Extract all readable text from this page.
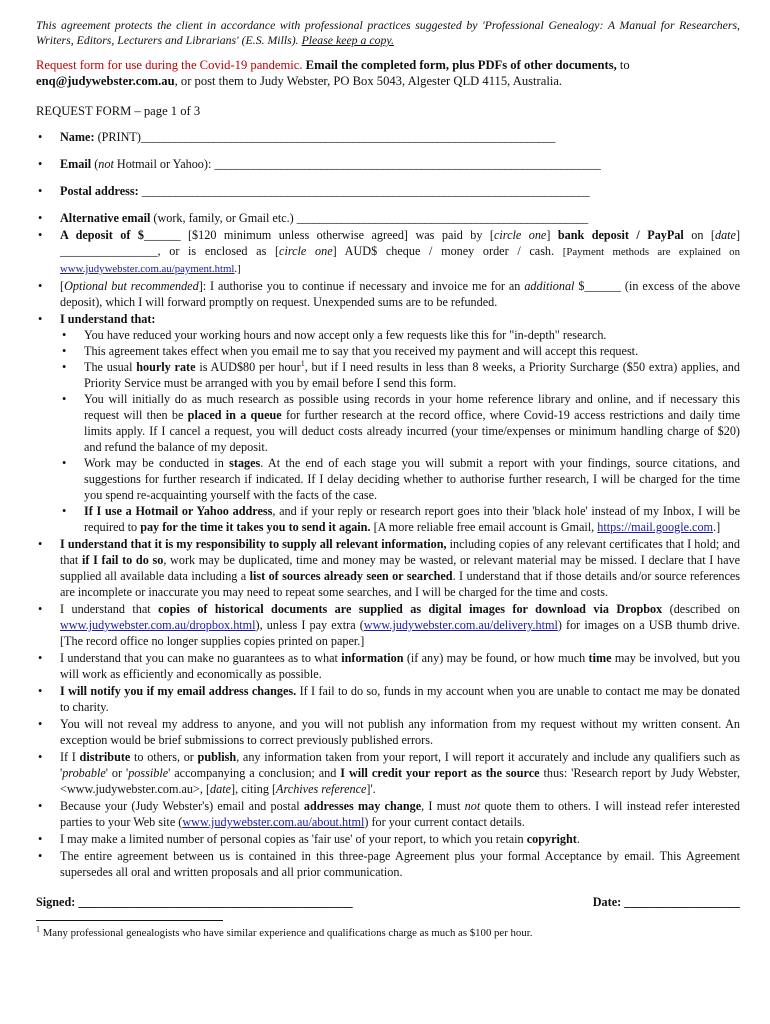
This agreement protects the client in accordance with professional practices suggested by 'Professional Genealogy: A Manual for Researchers, Writers, Editors, Lecturers and Librarians' (E.S. Mills). Please keep a copy.
Request form for use during the Covid-19 pandemic. Email the completed form, plus PDFs of other documents, to enq@judywebster.com.au, or post them to Judy Webster, PO Box 5043, Algester QLD 4115, Australia.
REQUEST FORM – page 1 of 3
• Name: (PRINT)__________________________________________________________________________
• Email (not Hotmail or Yahoo): _____________________________________________________________________
• Postal address: ________________________________________________________________________________
• Alternative email (work, family, or Gmail etc.) ____________________________________________________
• A deposit of $______ [$120 minimum unless otherwise agreed] was paid by [circle one] bank deposit / PayPal on [date] ________________, or is enclosed as [circle one] AUD$ cheque / money order / cash. [Payment methods are explained on www.judywebster.com.au/payment.html.]
• [Optional but recommended]: I authorise you to continue if necessary and invoice me for an additional $______ (in excess of the above deposit), which I will forward promptly on request. Unexpended sums are to be refunded.
• I understand that:
• You have reduced your working hours and now accept only a few requests like this for "in-depth" research.
• This agreement takes effect when you email me to say that you received my payment and will accept this request.
• The usual hourly rate is AUD$80 per hour$^1$, but if I need results in less than 8 weeks, a Priority Surcharge ($50 extra) applies, and Priority Service must be arranged with you by email before I send this form.
• You will initially do as much research as possible using records in your home reference library and online, and if necessary this request will then be placed in a queue for further research at the record office, where Covid-19 access restrictions and daily time limits apply. If I cancel a request, you will deduct costs already incurred (your time/expenses or minimum handling charge of $20) and refund the balance of my deposit.
• Work may be conducted in stages. At the end of each stage you will submit a report with your findings, source citations, and suggestions for further research if indicated. If I delay deciding whether to authorise further research, I will be charged for the time you spend re-acquainting yourself with the facts of the case.
• If I use a Hotmail or Yahoo address, and if your reply or research report goes into their 'black hole' instead of my Inbox, I will be required to pay for the time it takes you to send it again. [A more reliable free email account is Gmail, https://mail.google.com.]
• I understand that it is my responsibility to supply all relevant information, including copies of any relevant certificates that I hold; and that if I fail to do so, work may be duplicated, time and money may be wasted, or relevant material may be missed. I declare that I have supplied all available data including a list of sources already seen or searched. I understand that if those details and/or source references are incomplete or inaccurate you may need to repeat some searches, and I will be charged for the time and costs.
• I understand that copies of historical documents are supplied as digital images for download via Dropbox (described on www.judywebster.com.au/dropbox.html), unless I pay extra (www.judywebster.com.au/delivery.html) for images on a USB thumb drive. [The record office no longer supplies copies printed on paper.]
• I understand that you can make no guarantees as to what information (if any) may be found, or how much time may be involved, but you will work as efficiently and economically as possible.
• I will notify you if my email address changes. If I fail to do so, funds in my account when you are unable to contact me may be donated to charity.
• You will not reveal my address to anyone, and you will not publish any information from my request without my written consent. An exception would be brief submissions to correct previously published errors.
• If I distribute to others, or publish, any information taken from your report, I will report it accurately and include any qualifiers such as 'probable' or 'possible' accompanying a conclusion; and I will credit your report as the source thus: 'Research report by Judy Webster, <www.judywebster.com.au>, [date], citing [Archives reference]'.
• Because your (Judy Webster's) email and postal addresses may change, I must not quote them to others. I will instead refer interested parties to your Web site (www.judywebster.com.au/about.html) for your current contact details.
• I may make a limited number of personal copies as 'fair use' of your report, to which you retain copyright.
• The entire agreement between us is contained in this three-page Agreement plus your formal Acceptance by email. This Agreement supersedes all oral and written proposals and all prior communication.
Signed: _____________________________________________	Date: ___________________
$^1$ Many professional genealogists who have similar experience and qualifications charge as much as $100 per hour.
